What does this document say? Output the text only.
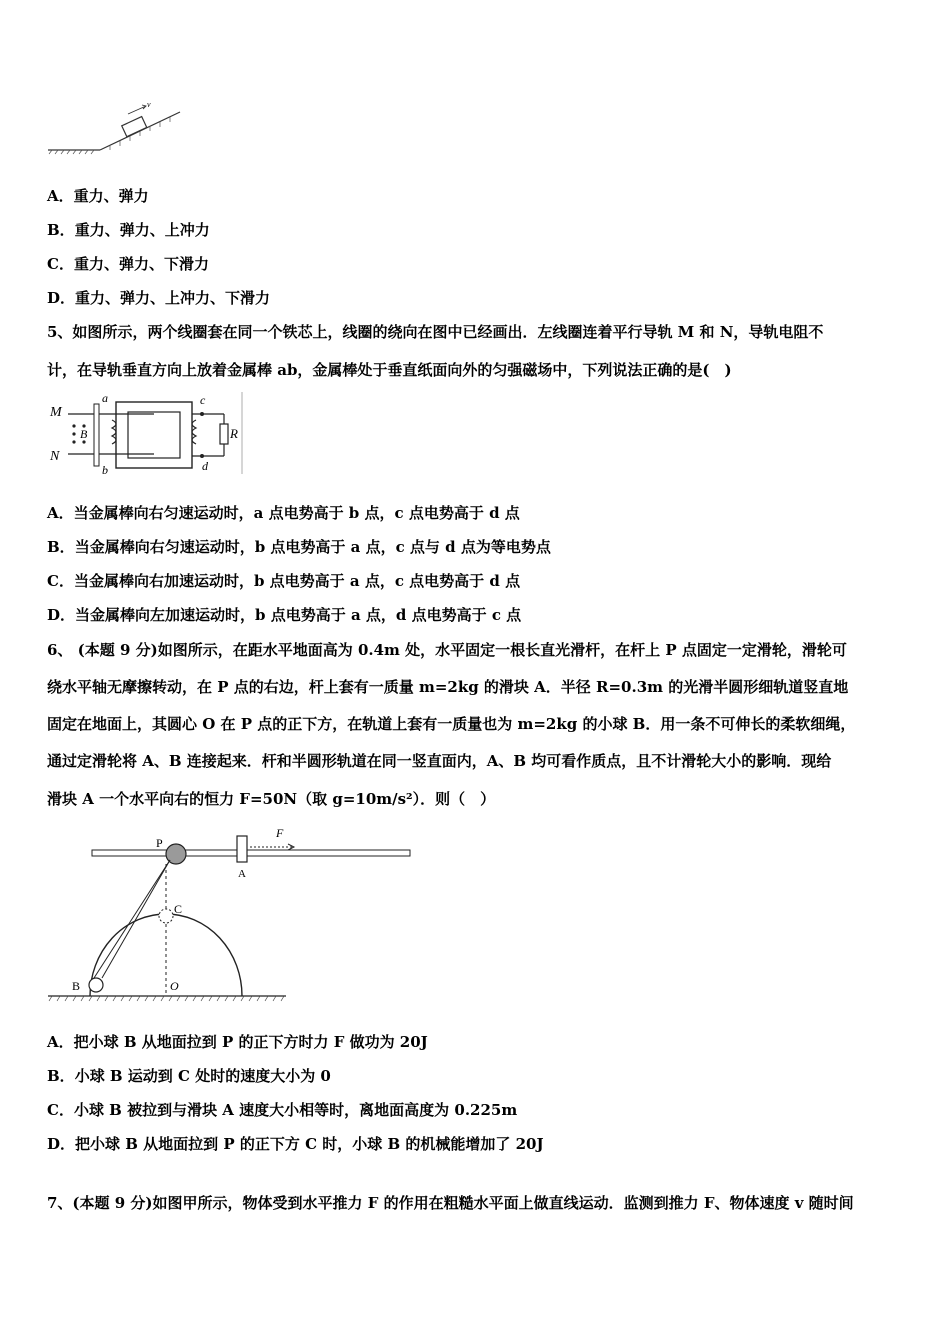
v
A．重力、弹力
B．重力、弹力、上冲力
C．重力、弹力、下滑力
D．重力、弹力、上冲力、下滑力
5、如图所示，两个线圈套在同一个铁芯上，线圈的绕向在图中已经画出．左线圈连着平行导轨 M 和 N，导轨电阻不
计，在导轨垂直方向上放着金属棒 ab，金属棒处于垂直纸面向外的匀强磁场中，下列说法正确的是(　)
M
N
B
a
b
c
d
R
A．当金属棒向右匀速运动时，a 点电势高于 b 点，c 点电势高于 d 点
B．当金属棒向右匀速运动时，b 点电势高于 a 点，c 点与 d 点为等电势点
C．当金属棒向右加速运动时，b 点电势高于 a 点，c 点电势高于 d 点
D．当金属棒向左加速运动时，b 点电势高于 a 点，d 点电势高于 c 点
6、 (本题 9 分)如图所示，在距水平地面高为 0.4m 处，水平固定一根长直光滑杆，在杆上 P 点固定一定滑轮，滑轮可
绕水平轴无摩擦转动，在 P 点的右边，杆上套有一质量 m=2kg 的滑块 A．半径 R=0.3m 的光滑半圆形细轨道竖直地
固定在地面上，其圆心 O 在 P 点的正下方，在轨道上套有一质量也为 m=2kg 的小球 B．用一条不可伸长的柔软细绳，
通过定滑轮将 A、B 连接起来．杆和半圆形轨道在同一竖直面内，A、B 均可看作质点，且不计滑轮大小的影响．现给
滑块 A 一个水平向右的恒力 F=50N（取 g=10m/s²）．则（　）
P
A
F
C
B	O
A．把小球 B 从地面拉到 P 的正下方时力 F 做功为 20J
B．小球 B 运动到 C 处时的速度大小为 0
C．小球 B 被拉到与滑块 A 速度大小相等时，离地面高度为 0.225m
D．把小球 B 从地面拉到 P 的正下方 C 时，小球 B 的机械能增加了 20J
7、(本题 9 分)如图甲所示，物体受到水平推力 F 的作用在粗糙水平面上做直线运动．监测到推力 F、物体速度 v 随时间
